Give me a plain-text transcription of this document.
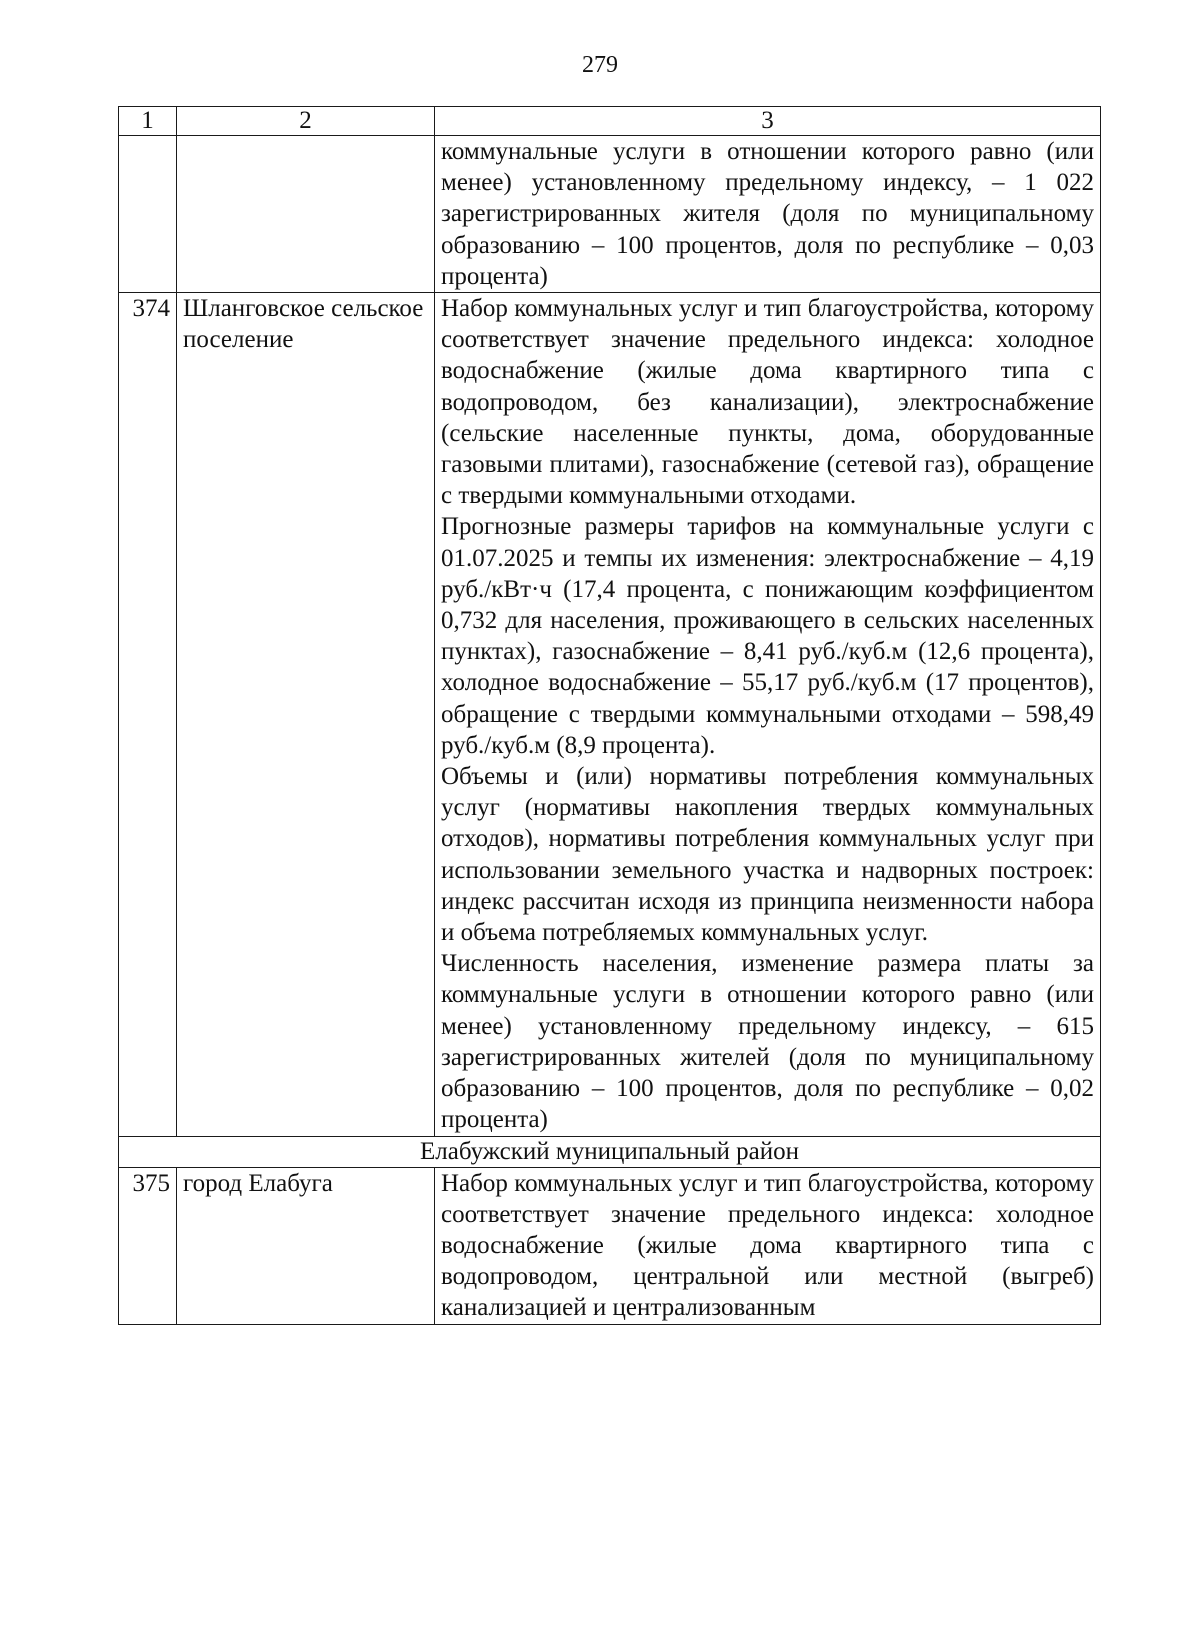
279
1	2	3

		коммунальные услуги в отношении которого равно (или менее) установленному предельному индексу, – 1 022 зарегистрированных жителя (доля по муниципальному образованию – 100 процентов, доля по республике – 0,03 процента)

374	Шланговское сельское поселение	Набор коммунальных услуг и тип благоустройства, которому соответствует значение предельного индекса: холодное водоснабжение (жилые дома квартирного типа с водопроводом, без канализации), электроснабжение (сельские населенные пункты, дома, оборудованные газовыми плитами), газоснабжение (сетевой газ), обращение с твердыми коммунальными отходами.

Прогнозные размеры тарифов на коммунальные услуги с 01.07.2025 и темпы их изменения: электроснабжение – 4,19 руб./кВт·ч (17,4 процента, с понижающим коэффициентом 0,732 для населения, проживающего в сельских населенных пунктах), газоснабжение – 8,41 руб./куб.м (12,6 процента), холодное водоснабжение – 55,17 руб./куб.м (17 процентов), обращение с твердыми коммунальными отходами – 598,49 руб./куб.м (8,9 процента).

Объемы и (или) нормативы потребления коммунальных услуг (нормативы накопления твердых коммунальных отходов), нормативы потребления коммунальных услуг при использовании земельного участка и надворных построек: индекс рассчитан исходя из принципа неизменности набора и объема потребляемых коммунальных услуг.

Численность населения, изменение размера платы за коммунальные услуги в отношении которого равно (или менее) установленному предельному индексу, – 615 зарегистрированных жителей (доля по муниципальному образованию – 100 процентов, доля по республике – 0,02 процента)

Елабужский муниципальный район		
375	город Елабуга	Набор коммунальных услуг и тип благоустройства, которому соответствует значение предельного индекса: холодное водоснабжение (жилые дома квартирного типа с водопроводом, центральной или местной (выгреб) канализацией и централизованным
